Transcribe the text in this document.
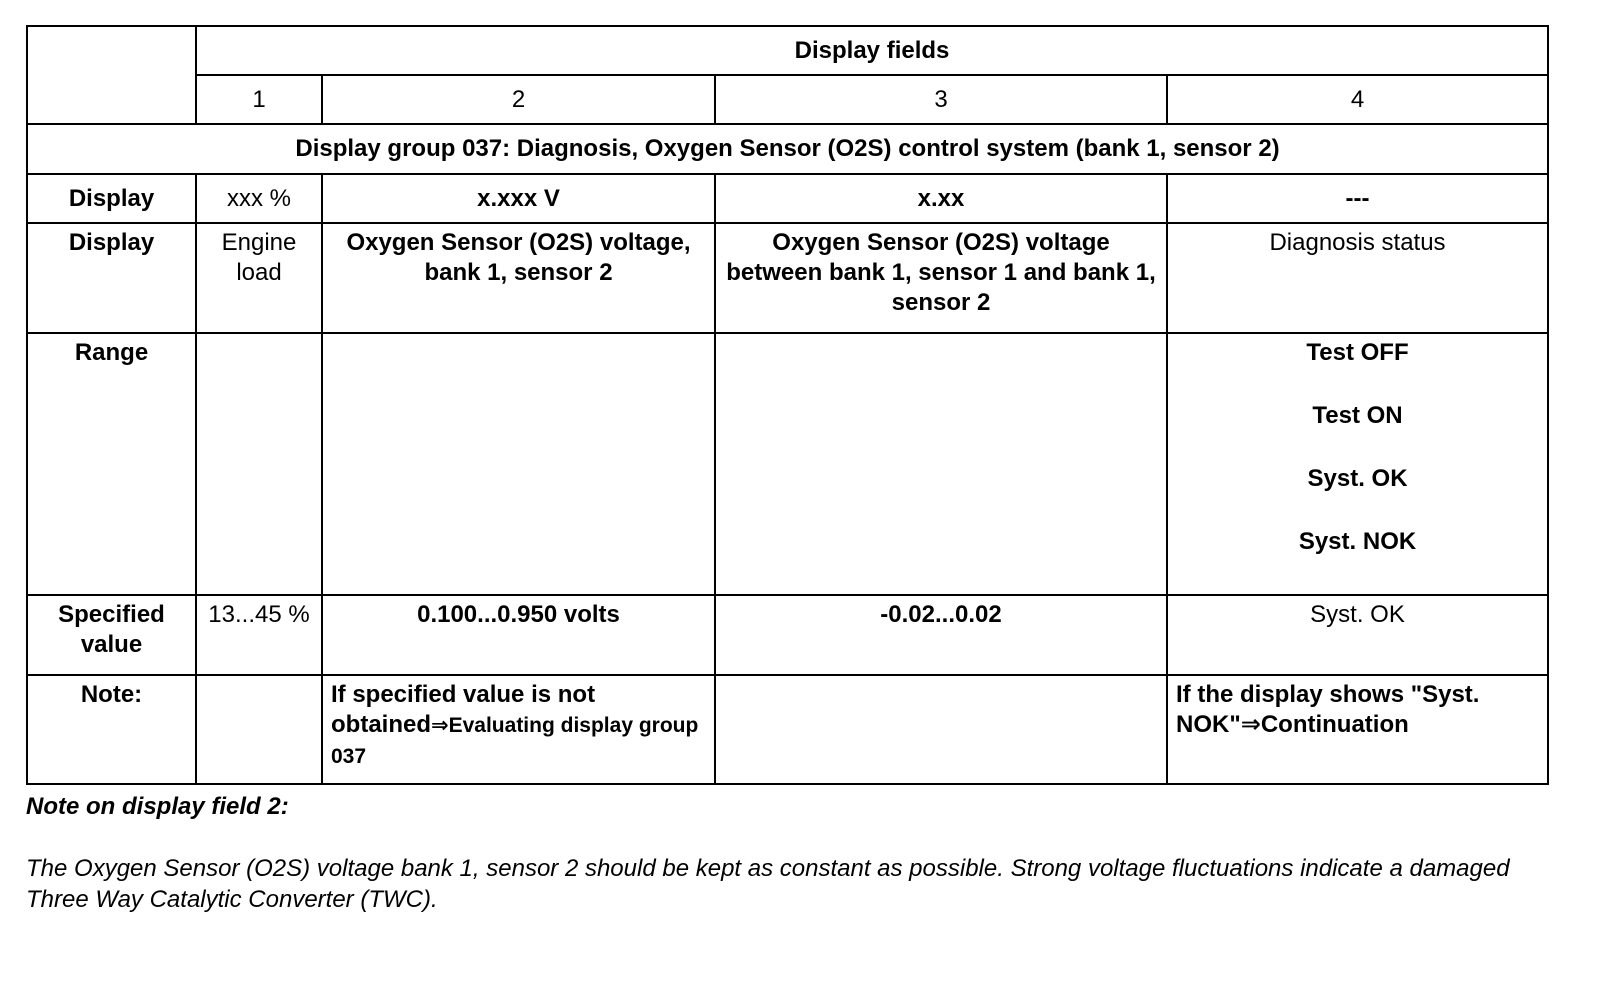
	Display fields			
	1	2	3	4
Display group 037: Diagnosis, Oxygen Sensor (O2S) control system (bank 1, sensor 2)				
Display	xxx %	x.xxx V	x.xx	---
Display	Engine load	Oxygen Sensor (O2S) voltage, bank 1, sensor 2	Oxygen Sensor (O2S) voltage between bank 1, sensor 1 and bank 1, sensor 2	Diagnosis status
Range				Test OFF
Test ON
Syst. OK
Syst. NOK

Specified value	13...45 %	0.100...0.950 volts	-0.02...0.02	Syst. OK
Note:		If specified value is not obtained⇒Evaluating display group 037		If the display shows "Syst. NOK"⇒Continuation
Note on display field 2:
The Oxygen Sensor (O2S) voltage bank 1, sensor 2 should be kept as constant as possible. Strong voltage fluctuations indicate a damaged Three Way Catalytic Converter (TWC).
